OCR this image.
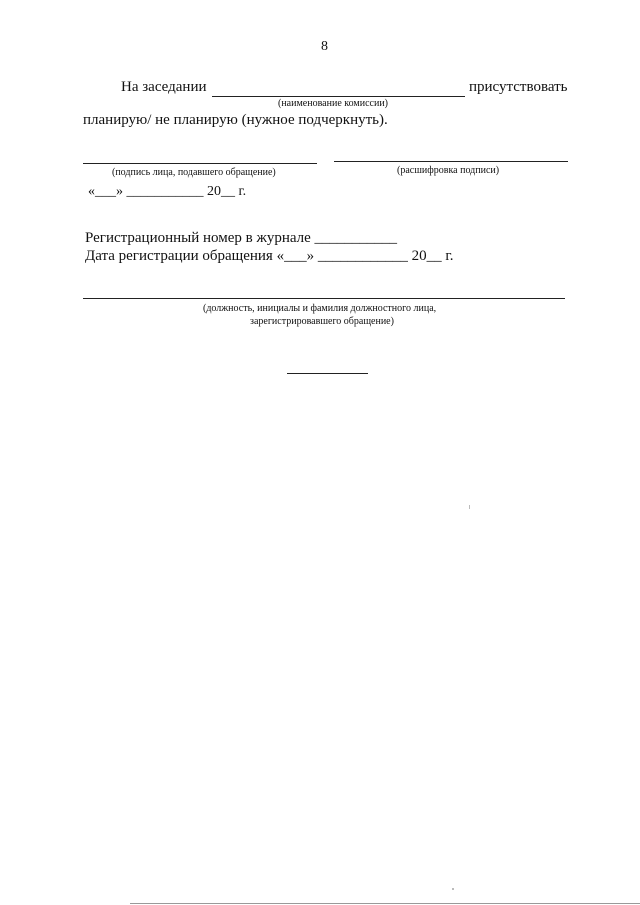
8
На заседании	присутствовать
(наименование комиссии)
планирую/ не планирую (нужное подчеркнуть).
(подпись лица, подавшего обращение)	(расшифровка подписи)
«___» ___________ 20__ г.
Регистрационный номер в журнале ___________
Дата регистрации обращения «___» ____________ 20__ г.
(должность, инициалы и фамилия должностного лица,
зарегистрировавшего обращение)
